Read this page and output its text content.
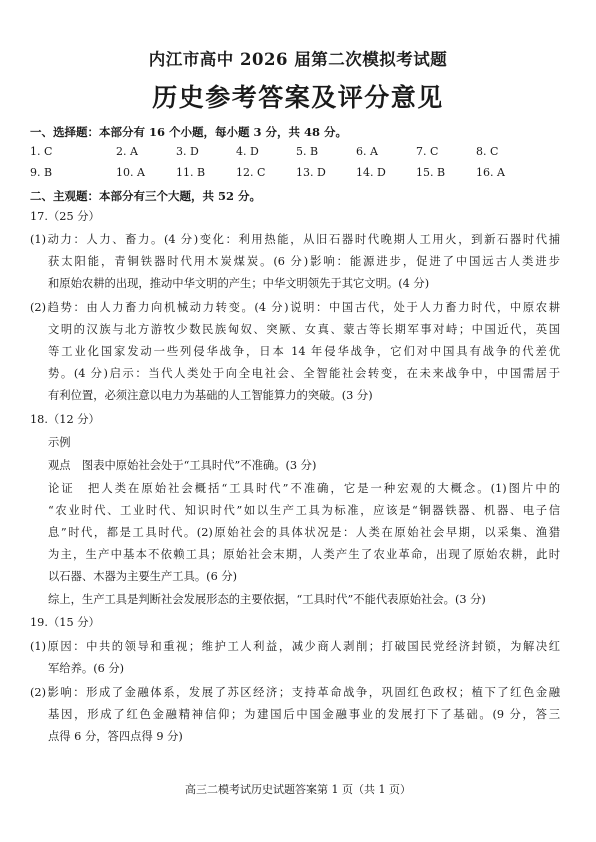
内江市高中 2026 届第二次模拟考试题
历史参考答案及评分意见
一、选择题：本部分有 16 个小题，每小题 3 分，共 48 分。
1. C	2. A	3. D	4. D	5. B	6. A	7. C	8. C
9. B	10. A	11. B	12. C	13. D	14. D	15. B	16. A
二、主观题：本部分有三个大题，共 52 分。
17.（25 分）
(1)动力：人力、畜力。(4 分)变化：利用热能，从旧石器时代晚期人工用火，到新石器时代捕
获太阳能，青铜铁器时代用木炭煤炭。(6 分)影响：能源进步，促进了中国远古人类进步
和原始农耕的出现，推动中华文明的产生；中华文明领先于其它文明。(4 分)
(2)趋势：由人力畜力向机械动力转变。(4 分)说明：中国古代，处于人力畜力时代，中原农耕
文明的汉族与北方游牧少数民族匈奴、突厥、女真、蒙古等长期军事对峙；中国近代，英国
等工业化国家发动一些列侵华战争，日本 14 年侵华战争，它们对中国具有战争的代差优
势。(4 分)启示：当代人类处于向全电社会、全智能社会转变，在未来战争中，中国需居于
有利位置，必须注意以电力为基础的人工智能算力的突破。(3 分)
18.（12 分）
示例
观点　图表中原始社会处于“工具时代”不准确。(3 分)
论证　把人类在原始社会概括“工具时代”不准确，它是一种宏观的大概念。(1)图片中的
“农业时代、工业时代、知识时代”如以生产工具为标准，应该是“铜器铁器、机器、电子信
息”时代，都是工具时代。(2)原始社会的具体状况是：人类在原始社会早期，以采集、渔猎
为主，生产中基本不依赖工具；原始社会末期，人类产生了农业革命，出现了原始农耕，此时
以石器、木器为主要生产工具。(6 分)
综上，生产工具是判断社会发展形态的主要依据，“工具时代”不能代表原始社会。(3 分)
19.（15 分）
(1)原因：中共的领导和重视；维护工人利益，减少商人剥削；打破国民党经济封锁，为解决红
军给养。(6 分)
(2)影响：形成了金融体系，发展了苏区经济；支持革命战争，巩固红色政权；植下了红色金融
基因，形成了红色金融精神信仰；为建国后中国金融事业的发展打下了基础。(9 分，答三
点得 6 分，答四点得 9 分)
高三二模考试历史试题答案第 1 页（共 1 页）
